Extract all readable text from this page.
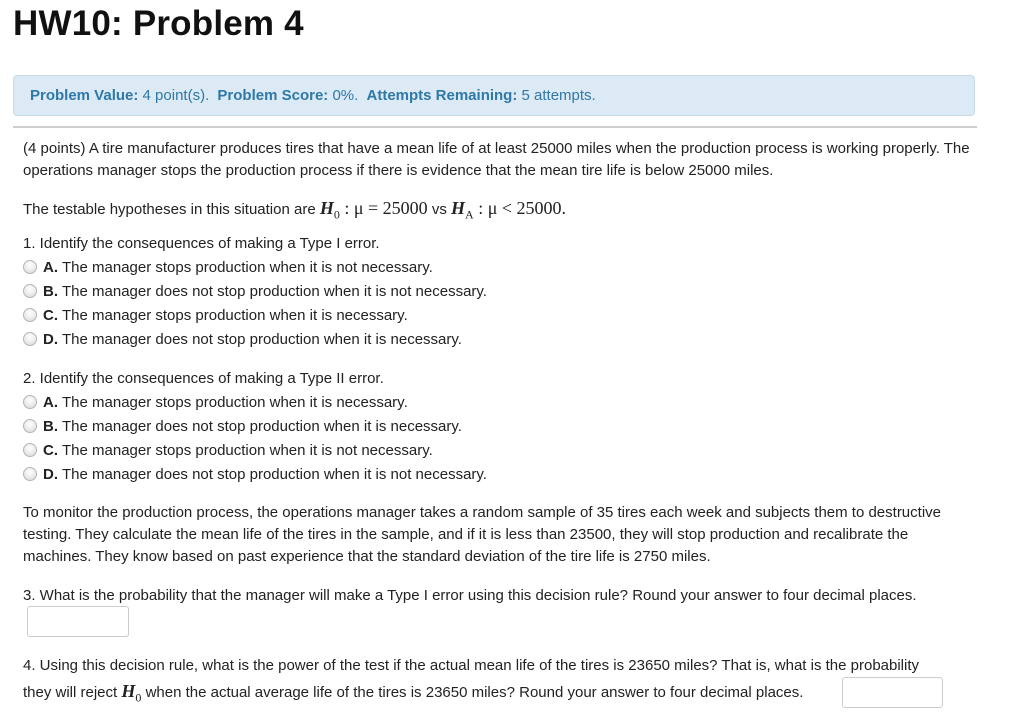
HW10: Problem 4
Problem Value:
4 point(s).
Problem Score:
0%.
Attempts Remaining:
5 attempts.

(4 points) A tire manufacturer produces tires that have a mean life of at least 25000 miles when the production process is working properly. The operations manager stops the production process if there is evidence that the mean tire life is below 25000 miles.

The testable hypotheses in this situation are $H_0$ : μ = 25000 vs $H_A$ : μ < 25000.

1. Identify the consequences of making a Type I error.
A. The manager stops production when it is not necessary.
B. The manager does not stop production when it is not necessary.
C. The manager stops production when it is necessary.
D. The manager does not stop production when it is necessary.
2. Identify the consequences of making a Type II error.
A. The manager stops production when it is necessary.
B. The manager does not stop production when it is necessary.
C. The manager stops production when it is not necessary.
D. The manager does not stop production when it is not necessary.

To monitor the production process, the operations manager takes a random sample of 35 tires each week and subjects them to destructive testing. They calculate the mean life of the tires in the sample, and if it is less than 23500, they will stop production and recalibrate the machines. They know based on past experience that the standard deviation of the tire life is 2750 miles.

3. What is the probability that the manager will make a Type I error using this decision rule? Round your answer to four decimal places.
4. Using this decision rule, what is the power of the test if the actual mean life of the tires is 23650 miles? That is, what is the probability
they will reject $H_0$ when the actual average life of the tires is 23650 miles? Round your answer to four decimal places.
